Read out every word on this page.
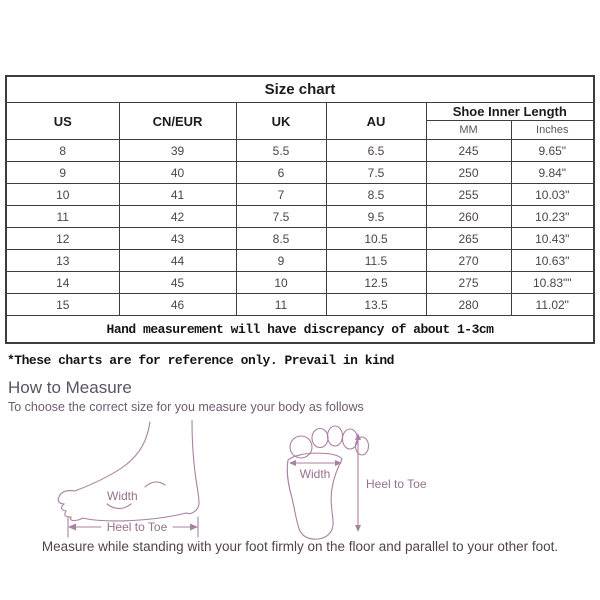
Size chart					
US	CN/EUR	UK	AU	Shoe Inner Length	
				MM	Inches
8	39	5.5	6.5	245	9.65"
9	40	6	7.5	250	9.84"
10	41	7	8.5	255	10.03"
11	42	7.5	9.5	260	10.23"
12	43	8.5	10.5	265	10.43"
13	44	9	11.5	270	10.63"
14	45	10	12.5	275	10.83""
15	46	11	13.5	280	11.02"
Hand measurement will have discrepancy of about 1-3cm					
*These charts are for reference only. Prevail in kind
How to Measure
To choose the correct size for you measure your body as follows
Width
Heel to Toe
Width
Heel to Toe
Measure while standing with your foot firmly on the floor and parallel to your other foot.
